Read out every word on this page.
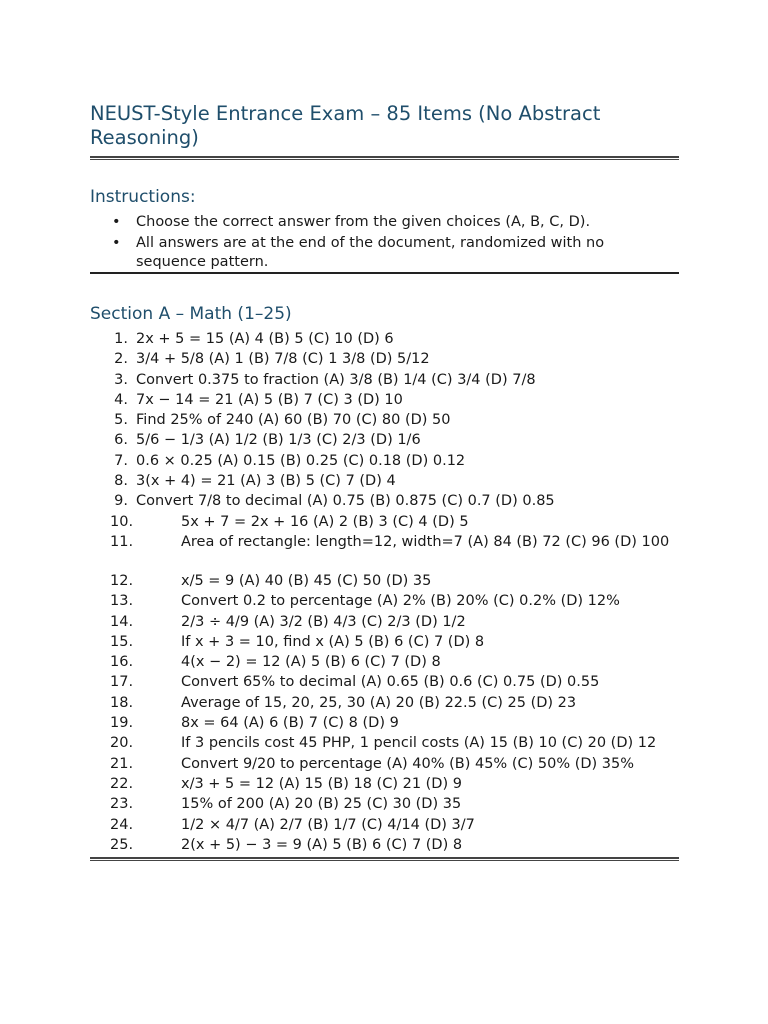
NEUST-Style Entrance Exam – 85 Items (No Abstract Reasoning)
Instructions:
• Choose the correct answer from the given choices (A, B, C, D).
• All answers are at the end of the document, randomized with no sequence pattern.
Section A – Math (1–25)
1. 2x + 5 = 15 (A) 4 (B) 5 (C) 10 (D) 6
2. 3/4 + 5/8 (A) 1 (B) 7/8 (C) 1 3/8 (D) 5/12
3. Convert 0.375 to fraction (A) 3/8 (B) 1/4 (C) 3/4 (D) 7/8
4. 7x − 14 = 21 (A) 5 (B) 7 (C) 3 (D) 10
5. Find 25% of 240 (A) 60 (B) 70 (C) 80 (D) 50
6. 5/6 − 1/3 (A) 1/2 (B) 1/3 (C) 2/3 (D) 1/6
7. 0.6 × 0.25 (A) 0.15 (B) 0.25 (C) 0.18 (D) 0.12
8. 3(x + 4) = 21 (A) 3 (B) 5 (C) 7 (D) 4
9. Convert 7/8 to decimal (A) 0.75 (B) 0.875 (C) 0.7 (D) 0.85
10.	5x + 7 = 2x + 16 (A) 2 (B) 3 (C) 4 (D) 5
11.	Area of rectangle: length=12, width=7 (A) 84 (B) 72 (C) 96 (D) 100
12.	x/5 = 9 (A) 40 (B) 45 (C) 50 (D) 35
13.	Convert 0.2 to percentage (A) 2% (B) 20% (C) 0.2% (D) 12%
14.	2/3 ÷ 4/9 (A) 3/2 (B) 4/3 (C) 2/3 (D) 1/2
15.	If x + 3 = 10, find x (A) 5 (B) 6 (C) 7 (D) 8
16.	4(x − 2) = 12 (A) 5 (B) 6 (C) 7 (D) 8
17.	Convert 65% to decimal (A) 0.65 (B) 0.6 (C) 0.75 (D) 0.55
18.	Average of 15, 20, 25, 30 (A) 20 (B) 22.5 (C) 25 (D) 23
19.	8x = 64 (A) 6 (B) 7 (C) 8 (D) 9
20.	If 3 pencils cost 45 PHP, 1 pencil costs (A) 15 (B) 10 (C) 20 (D) 12
21.	Convert 9/20 to percentage (A) 40% (B) 45% (C) 50% (D) 35%
22.	x/3 + 5 = 12 (A) 15 (B) 18 (C) 21 (D) 9
23.	15% of 200 (A) 20 (B) 25 (C) 30 (D) 35
24.	1/2 × 4/7 (A) 2/7 (B) 1/7 (C) 4/14 (D) 3/7
25.	2(x + 5) − 3 = 9 (A) 5 (B) 6 (C) 7 (D) 8
